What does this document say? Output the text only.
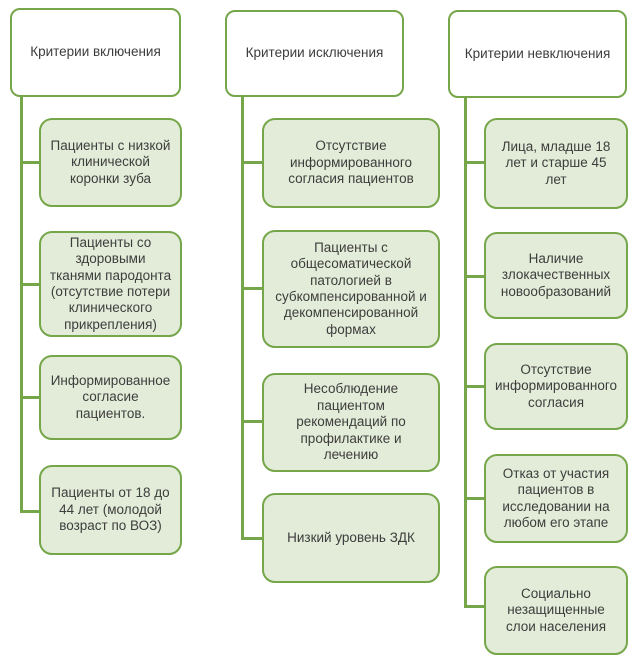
Критерии включения
Пациенты с низкой клинической коронки зуба
Пациенты со здоровыми тканями пародонта (отсутствие потери клинического прикрепления)
Информированное согласие пациентов.
Пациенты от 18 до 44 лет (молодой возраст по ВОЗ)
Критерии исключения
Отсутствие информированного согласия пациентов
Пациенты с общесоматической патологией в субкомпенсированной и декомпенсированной формах
Несоблюдение пациентом рекомендаций по профилактике и лечению
Низкий уровень ЗДК
Критерии невключения
Лица, младше 18 лет и старше 45 лет
Наличие злокачественных новообразований
Отсутствие информированного согласия
Отказ от участия пациентов в исследовании на любом его этапе
Социально незащищенные слои населения
